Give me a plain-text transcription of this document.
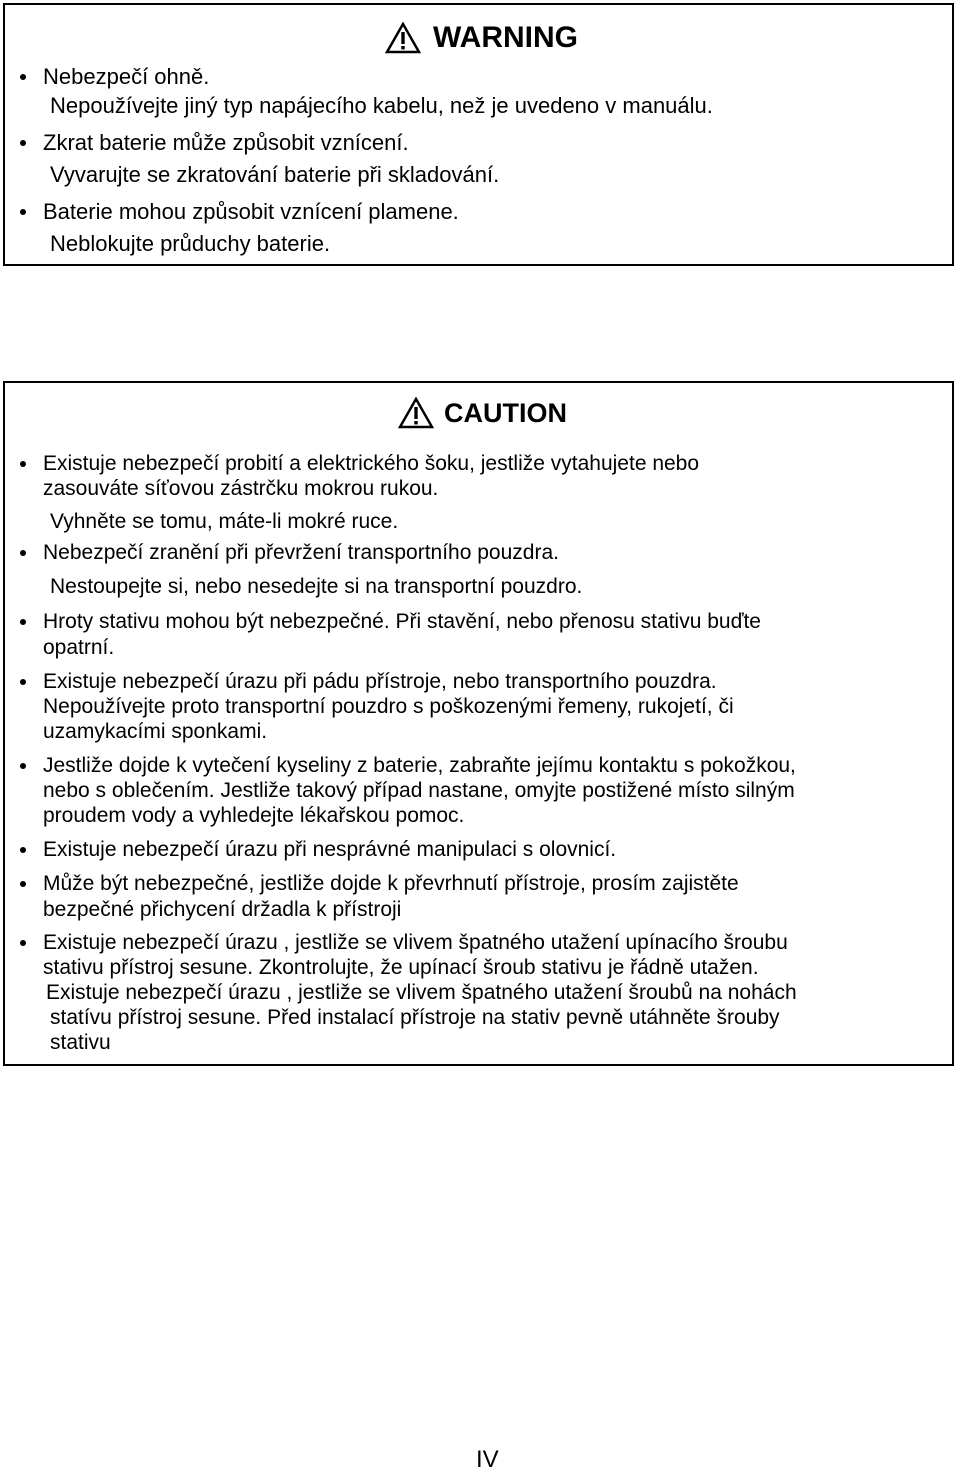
WARNING
Nebezpečí ohně.
Nepoužívejte jiný typ napájecího kabelu, než je uvedeno v manuálu.
Zkrat baterie může způsobit vznícení.
Vyvarujte se zkratování baterie při skladování.
Baterie mohou způsobit vznícení plamene.
Neblokujte průduchy baterie.
CAUTION
Existuje nebezpečí probití a elektrického šoku, jestliže vytahujete nebo
zasouváte síťovou zástrčku mokrou rukou.
Vyhněte se tomu, máte-li mokré ruce.
Nebezpečí zranění při převržení transportního pouzdra.
Nestoupejte si, nebo nesedejte si na transportní pouzdro.
Hroty stativu mohou být nebezpečné. Při stavění, nebo přenosu stativu buďte
opatrní.
Existuje nebezpečí úrazu při pádu přístroje, nebo transportního pouzdra.
Nepoužívejte proto transportní pouzdro s poškozenými řemeny, rukojetí, či
uzamykacími sponkami.
Jestliže dojde k vytečení kyseliny z baterie, zabraňte jejímu kontaktu s pokožkou,
nebo s oblečením. Jestliže takový případ nastane, omyjte postižené místo silným
proudem vody a vyhledejte lékařskou pomoc.
Existuje nebezpečí úrazu při nesprávné manipulaci s olovnicí.
Může být nebezpečné, jestliže dojde k převrhnutí přístroje, prosím zajistěte
bezpečné přichycení držadla k přístroji
Existuje nebezpečí úrazu , jestliže se vlivem špatného utažení upínacího šroubu
stativu přístroj sesune. Zkontrolujte, že upínací šroub stativu je řádně utažen.
Existuje nebezpečí úrazu , jestliže se vlivem špatného utažení šroubů na nohách
statívu přístroj sesune. Před instalací přístroje na stativ pevně utáhněte šrouby
stativu
IV
